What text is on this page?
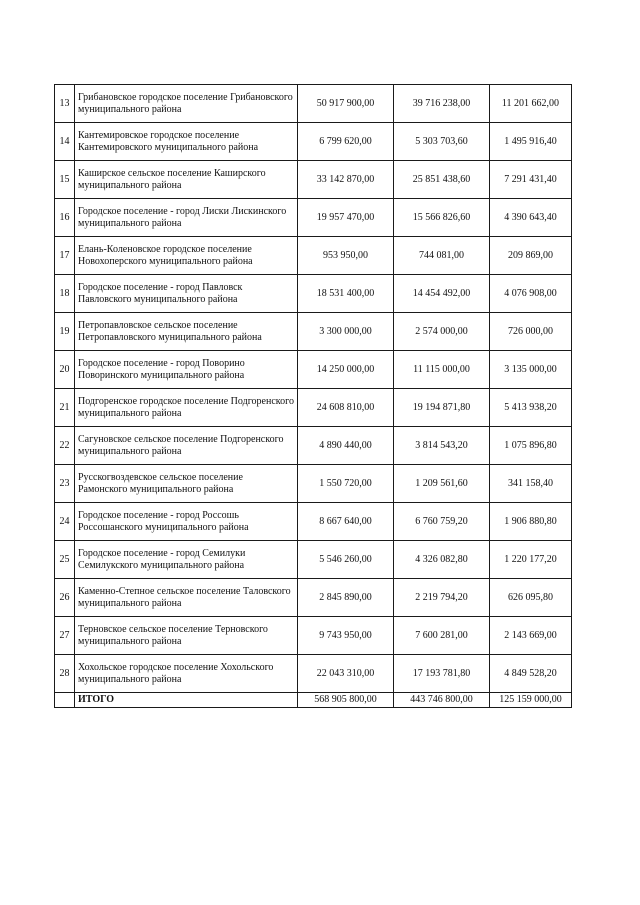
13	Грибановское городское поселение Грибановского муниципального района	50 917 900,00	39 716 238,00	11 201 662,00
14	Кантемировское городское поселение Кантемировского муниципального района	6 799 620,00	5 303 703,60	1 495 916,40
15	Каширское сельское поселение Каширского муниципального района	33 142 870,00	25 851 438,60	7 291 431,40
16	Городское поселение - город Лиски Лискинского муниципального района	19 957 470,00	15 566 826,60	4 390 643,40
17	Елань-Коленовское городское поселение Новохоперского муниципального района	953 950,00	744 081,00	209 869,00
18	Городское поселение - город Павловск Павловского муниципального района	18 531 400,00	14 454 492,00	4 076 908,00
19	Петропавловское сельское поселение Петропавловского муниципального района	3 300 000,00	2 574 000,00	726 000,00
20	Городское поселение - город Поворино Поворинского муниципального района	14 250 000,00	11 115 000,00	3 135 000,00
21	Подгоренское городское поселение Подгоренского муниципального района	24 608 810,00	19 194 871,80	5 413 938,20
22	Сагуновское сельское поселение Подгоренского муниципального района	4 890 440,00	3 814 543,20	1 075 896,80
23	Русскогвоздевское сельское поселение Рамонского муниципального района	1 550 720,00	1 209 561,60	341 158,40
24	Городское поселение - город Россошь Россошанского муниципального района	8 667 640,00	6 760 759,20	1 906 880,80
25	Городское поселение - город Семилуки Семилукского муниципального района	5 546 260,00	4 326 082,80	1 220 177,20
26	Каменно-Степное сельское поселение Таловского муниципального района	2 845 890,00	2 219 794,20	626 095,80
27	Терновское сельское поселение Терновского муниципального района	9 743 950,00	7 600 281,00	2 143 669,00
28	Хохольское городское поселение Хохольского муниципального района	22 043 310,00	17 193 781,80	4 849 528,20
	ИТОГО	568 905 800,00	443 746 800,00	125 159 000,00
